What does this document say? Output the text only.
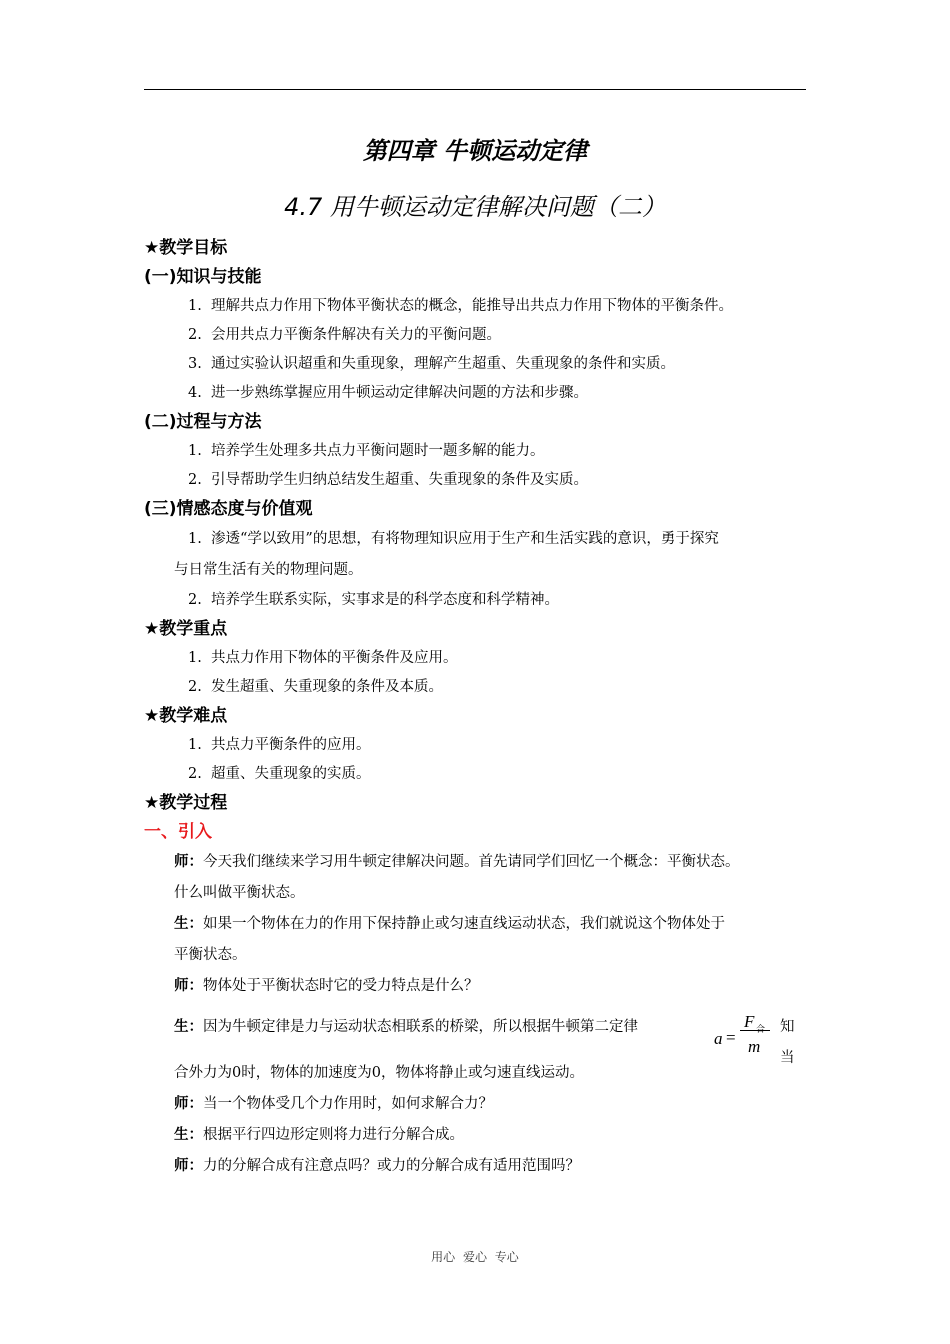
第四章 牛顿运动定律
4.7 用牛顿运动定律解决问题（二）
★教学目标
(一)知识与技能
1. 理解共点力作用下物体平衡状态的概念，能推导出共点力作用下物体的平衡条件。
2. 会用共点力平衡条件解决有关力的平衡问题。
3. 通过实验认识超重和失重现象，理解产生超重、失重现象的条件和实质。
4. 进一步熟练掌握应用牛顿运动定律解决问题的方法和步骤。
(二)过程与方法
1. 培养学生处理多共点力平衡问题时一题多解的能力。
2. 引导帮助学生归纳总结发生超重、失重现象的条件及实质。
(三)情感态度与价值观
1. 渗透“学以致用”的思想，有将物理知识应用于生产和生活实践的意识，勇于探究
与日常生活有关的物理问题。
2. 培养学生联系实际，实事求是的科学态度和科学精神。
★教学重点
1. 共点力作用下物体的平衡条件及应用。
2. 发生超重、失重现象的条件及本质。
★教学难点
1. 共点力平衡条件的应用。
2. 超重、失重现象的实质。
★教学过程
一、引入
师：今天我们继续来学习用牛顿定律解决问题。首先请同学们回忆一个概念：平衡状态。
什么叫做平衡状态。
生：如果一个物体在力的作用下保持静止或匀速直线运动状态，我们就说这个物体处于
平衡状态。
师：物体处于平衡状态时它的受力特点是什么？
生：因为牛顿定律是力与运动状态相联系的桥梁，所以根据牛顿第二定律
a =
F 合
m
知当
合外力为0时，物体的加速度为0，物体将静止或匀速直线运动。
师：当一个物体受几个力作用时，如何求解合力？
生：根据平行四边形定则将力进行分解合成。
师：力的分解合成有注意点吗？或力的分解合成有适用范围吗？
用心 爱心 专心
